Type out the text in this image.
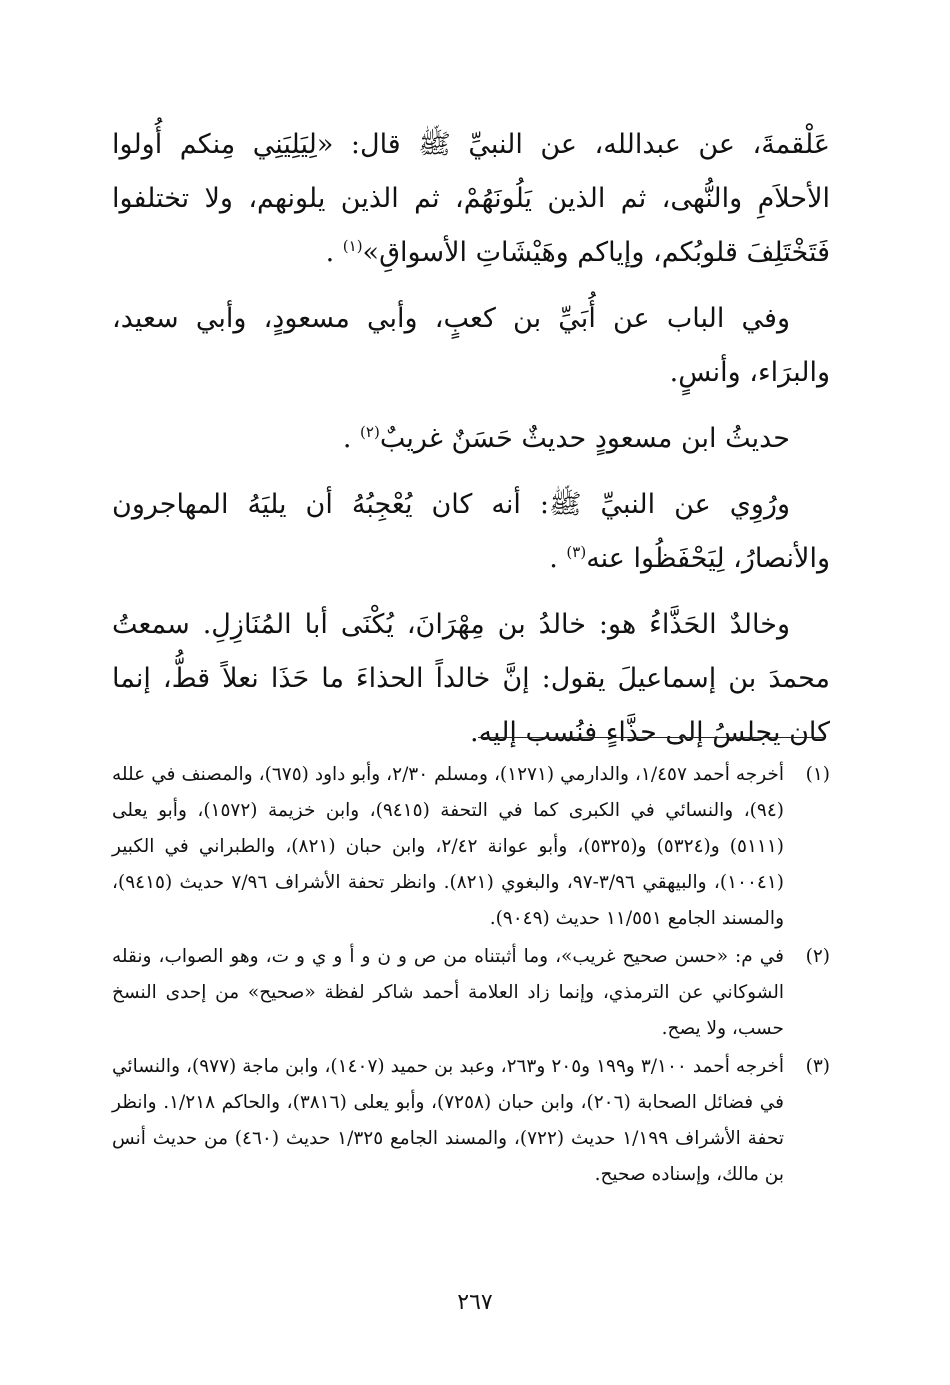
عَلْقمةَ، عن عبدالله، عن النبيِّ ﷺ قال: «لِيَلِيَنِي مِنكم أُولوا الأحلاَمِ والنُّهى، ثم الذين يَلُونَهُمْ، ثم الذين يلونهم، ولا تختلفوا فَتَخْتَلِفَ قلوبُكم، وإياكم وهَيْشَاتِ الأسواقِ»$^{(١)}$ .

وفي الباب عن أُبَيِّ بن كعبٍ، وأبي مسعودٍ، وأبي سعيد، والبرَاء، وأنسٍ.

حديثُ ابن مسعودٍ حديثٌ حَسَنٌ غريبٌ$^{(٢)}$ .

ورُوِي عن النبيِّ ﷺ: أنه كان يُعْجِبُهُ أن يليَهُ المهاجرون والأنصارُ، لِيَحْفَظُوا عنه$^{(٣)}$ .

وخالدٌ الحَذَّاءُ هو: خالدُ بن مِهْرَانَ، يُكْنَى أبا المُنَازِلِ. سمعتُ محمدَ بن إسماعيلَ يقول: إنَّ خالداً الحذاءَ ما حَذَا نعلاً قطُّ، إنما كان يجلسُ إلى حذَّاءٍ فنُسب إليه.

(١)
أخرجه أحمد ١/٤٥٧، والدارمي (١٢٧١)، ومسلم ٢/٣٠، وأبو داود (٦٧٥)، والمصنف في علله (٩٤)، والنسائي في الكبرى كما في التحفة (٩٤١٥)، وابن خزيمة (١٥٧٢)، وأبو يعلى (٥١١١) و(٥٣٢٤) و(٥٣٢٥)، وأبو عوانة ٢/٤٢، وابن حبان (٨٢١)، والطبراني في الكبير (١٠٠٤١)، والبيهقي ٣/٩٦-٩٧، والبغوي (٨٢١). وانظر تحفة الأشراف ٧/٩٦ حديث (٩٤١٥)، والمسند الجامع ١١/٥٥١ حديث (٩٠٤٩).
(٢)
في م: «حسن صحيح غريب»، وما أثبتناه من ص و ن و أ و ي و ت، وهو الصواب، ونقله الشوكاني عن الترمذي، وإنما زاد العلامة أحمد شاكر لفظة «صحيح» من إحدى النسخ حسب، ولا يصح.
(٣)
أخرجه أحمد ٣/١٠٠ و١٩٩ و٢٠٥ و٢٦٣، وعبد بن حميد (١٤٠٧)، وابن ماجة (٩٧٧)، والنسائي في فضائل الصحابة (٢٠٦)، وابن حبان (٧٢٥٨)، وأبو يعلى (٣٨١٦)، والحاكم ١/٢١٨. وانظر تحفة الأشراف ١/١٩٩ حديث (٧٢٢)، والمسند الجامع ١/٣٢٥ حديث (٤٦٠) من حديث أنس بن مالك، وإسناده صحيح.
٢٦٧
